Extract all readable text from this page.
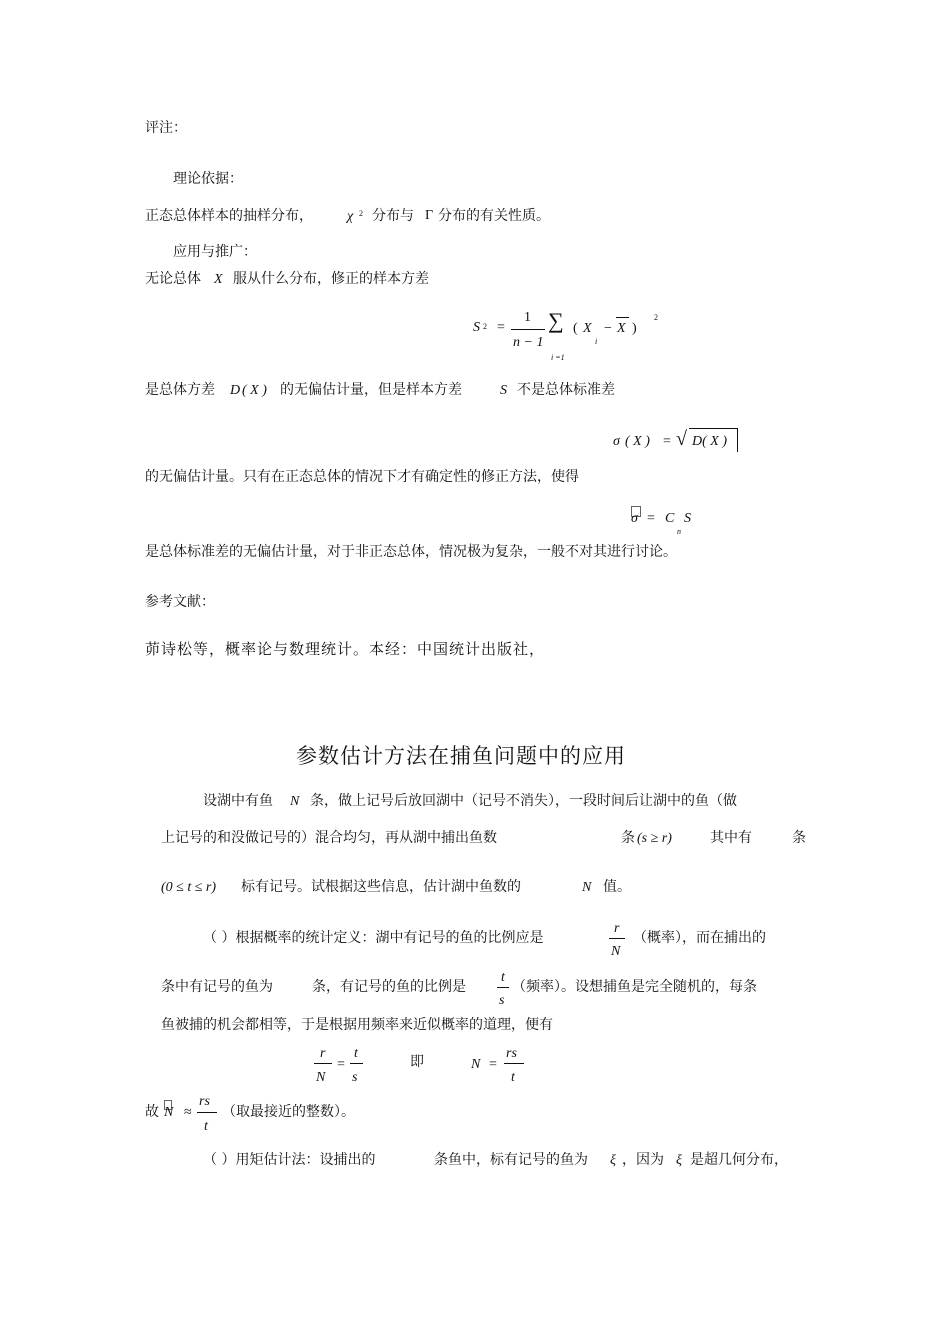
评注：
理论依据：
正态总体样本的抽样分布， χ 2 分布与 Γ 分布的有关性质。
应用与推广：
无论总体 X 服从什么分布，修正的样本方差
S 2 =
1
n − 1
∑
i =1
( X
i
− X )
2
是总体方差 D ( X ) 的无偏估计量，但是样本方差	S 不是总体标准差
σ ( X ) = √ D( X )
的无偏估计量。只有在正态总体的情况下才有确定性的修正方法，使得
σ = C
n
S
是总体标准差的无偏估计量，对于非正态总体，情况极为复杂，一般不对其进行讨论。
参考文献：
茆诗松等，概率论与数理统计。本经：中国统计出版社，
参数估计方法在捕鱼问题中的应用
设湖中有鱼 N 条，做上记号后放回湖中（记号不消失），一段时间后让湖中的鱼（做
上记号的和没做记号的）混合均匀，再从湖中捕出鱼数	条 (s ≥ r)	其中有	条
(0 ≤ t ≤ r) 标有记号。试根据这些信息，估计湖中鱼数的	N 值。
（ ）根据概率的统计定义：湖中有记号的鱼的比例应是
r
N
（概率），而在捕出的
条中有记号的鱼为	条，有记号的鱼的比例是
t
s
（频率）。设想捕鱼是完全随机的，每条
鱼被捕的机会都相等，于是根据用频率来近似概率的道理，便有
r
N
=
t
s
即	N =
rs
t
故 N ≈
rs
t
（取最接近的整数）。
（ ）用矩估计法：设捕出的	条鱼中，标有记号的鱼为 ξ ，因为 ξ 是超几何分布，
